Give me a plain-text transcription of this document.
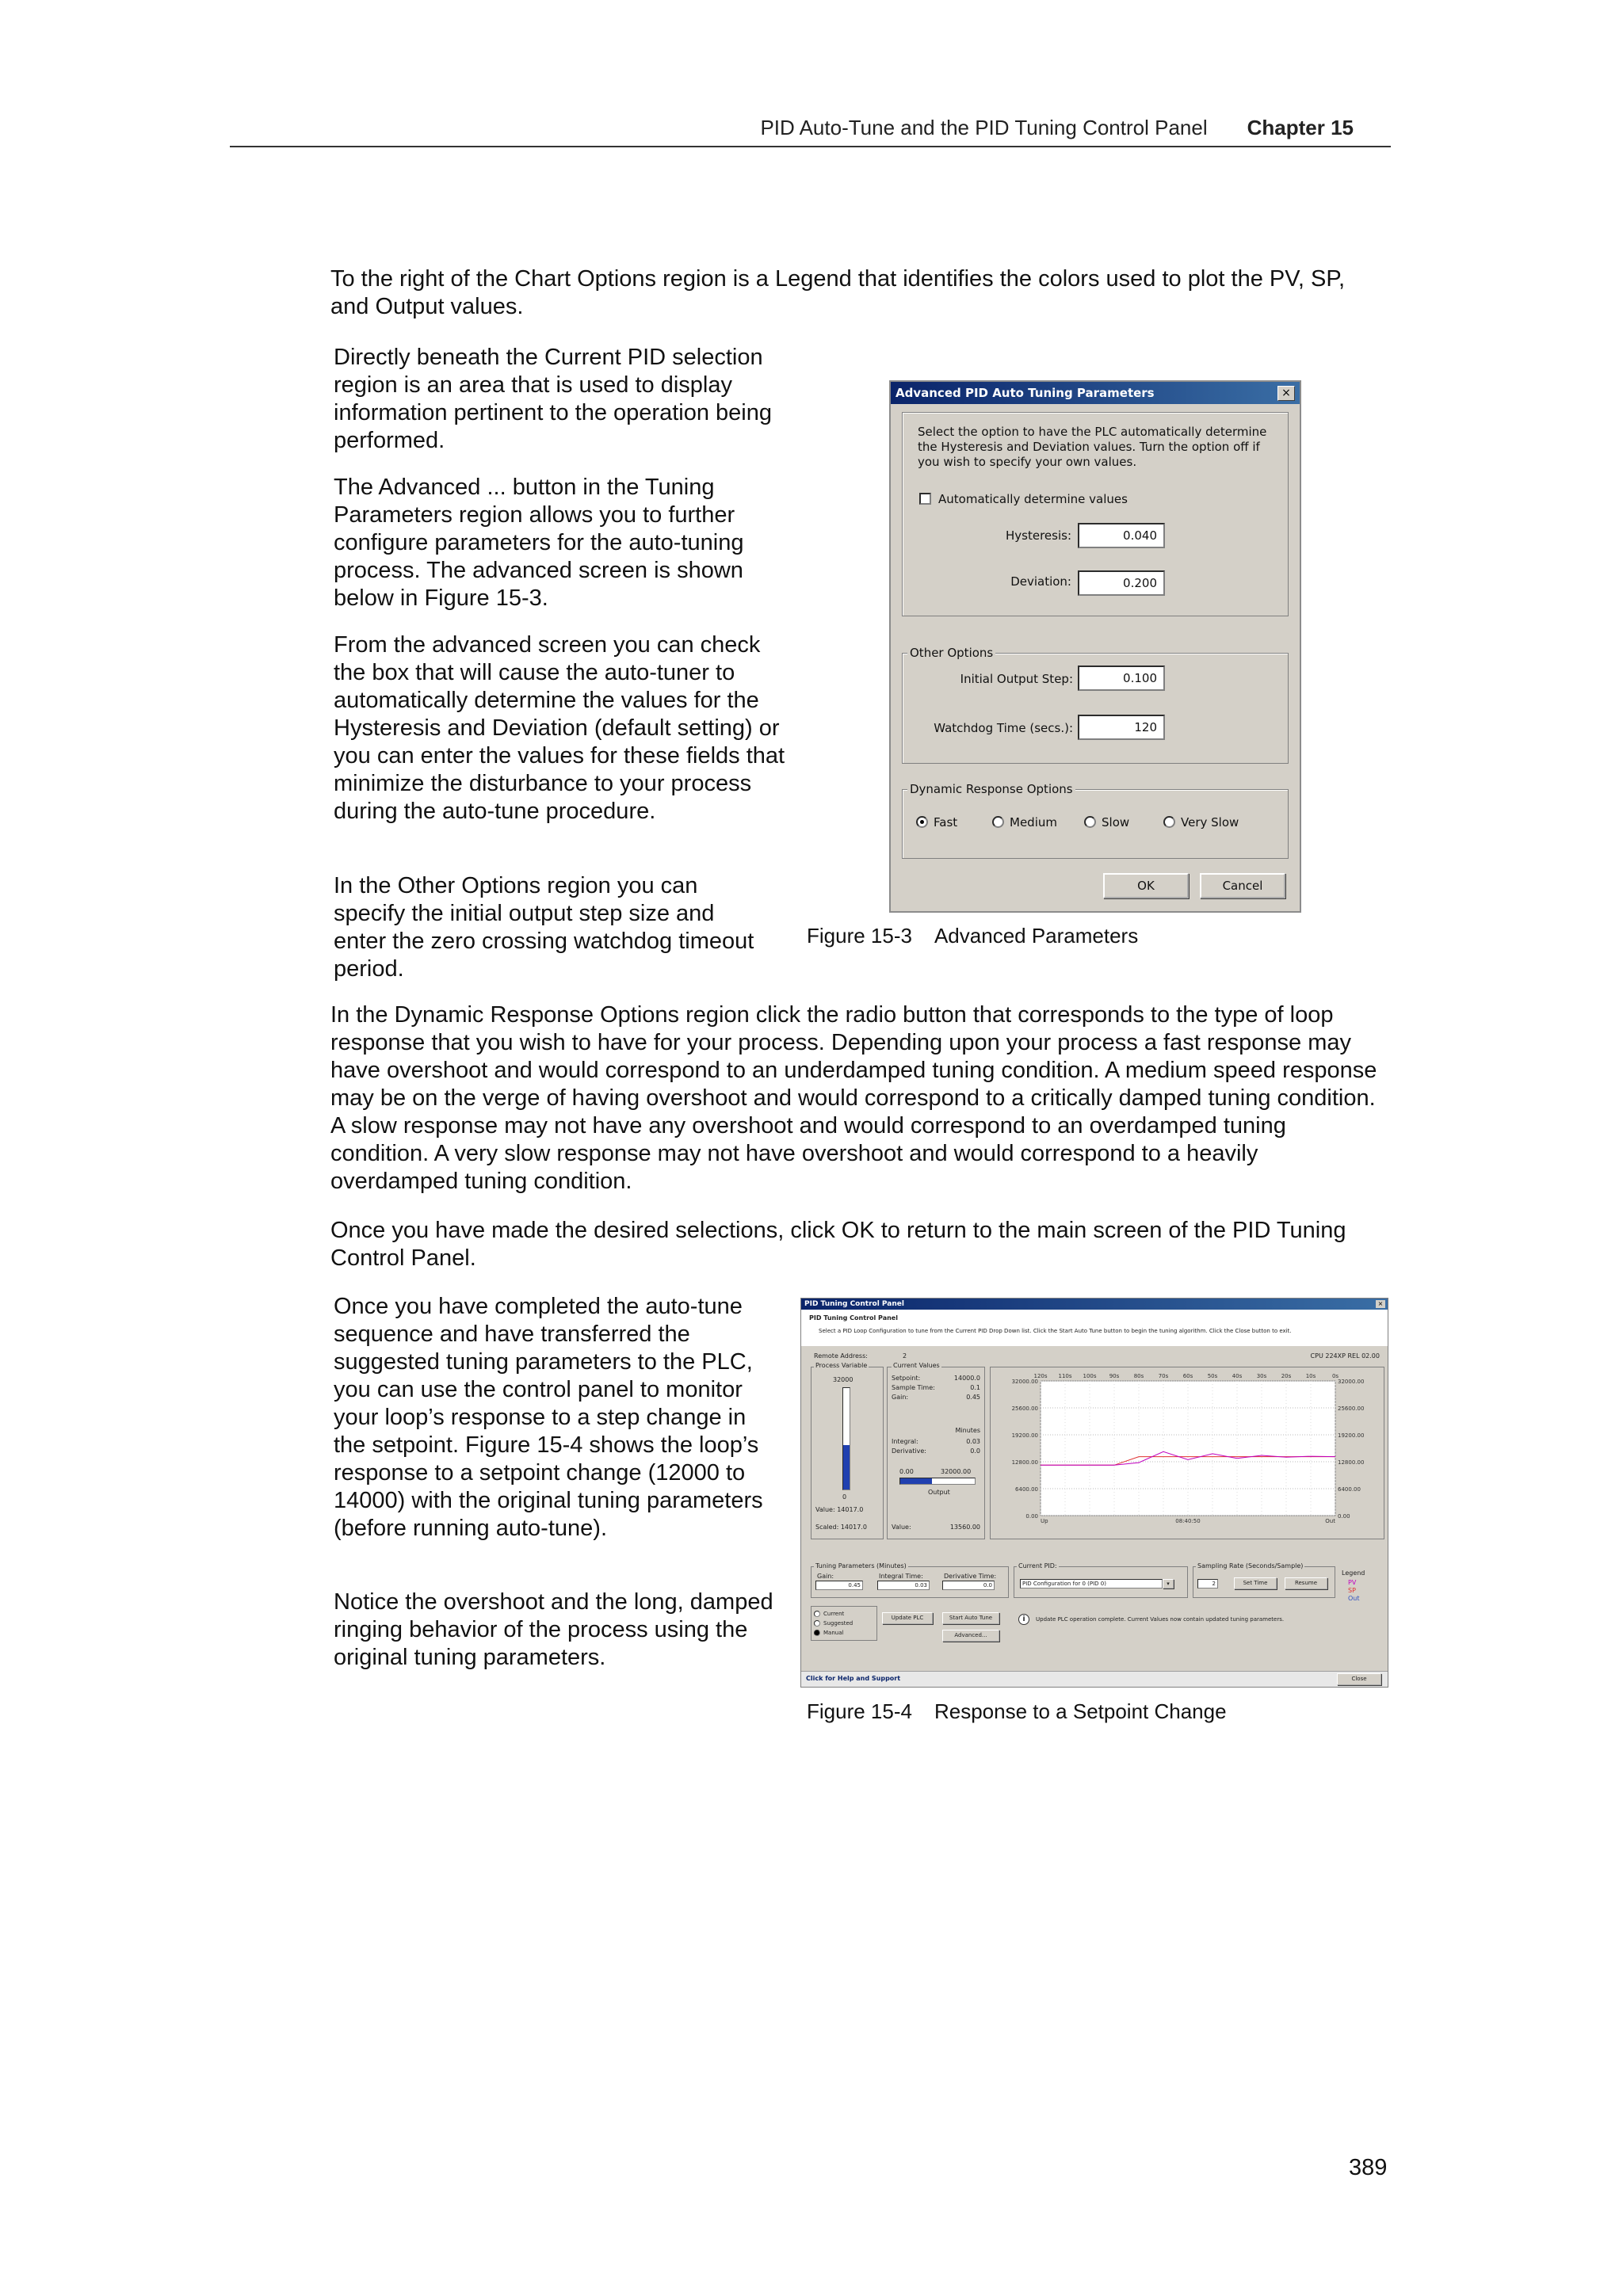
PID Auto-Tune and the PID Tuning Control Panel Chapter 15
To the right of the Chart Options region is a Legend that identifies the colors used to plot the PV, SP, and Output values.
Directly beneath the Current PID selection region is an area that is used to display information pertinent to the operation being performed.
The Advanced ... button in the Tuning Parameters region allows you to further configure parameters for the auto-tuning process. The advanced screen is shown below in Figure 15-3.
From the advanced screen you can check the box that will cause the auto-tuner to automatically determine the values for the Hysteresis and Deviation (default setting) or you can enter the values for these fields that minimize the disturbance to your process during the auto-tune procedure.
In the Other Options region you can specify the initial output step size and enter the zero crossing watchdog timeout period.
In the Dynamic Response Options region click the radio button that corresponds to the type of loop response that you wish to have for your process. Depending upon your process a fast response may have overshoot and would correspond to an underdamped tuning condition. A medium speed response may be on the verge of having overshoot and would correspond to a critically damped tuning condition. A slow response may not have any overshoot and would correspond to an overdamped tuning condition. A very slow response may not have overshoot and would correspond to a heavily overdamped tuning condition.
Once you have made the desired selections, click OK to return to the main screen of the PID Tuning Control Panel.
Once you have completed the auto-tune sequence and have transferred the suggested tuning parameters to the PLC, you can use the control panel to monitor your loop’s response to a step change in the setpoint. Figure 15-4 shows the loop’s response to a setpoint change (12000 to 14000) with the original tuning parameters (before running auto-tune).
Notice the overshoot and the long, damped ringing behavior of the process using the original tuning parameters.
Advanced PID Auto Tuning Parameters	×
Select the option to have the PLC automatically determine the Hysteresis and Deviation values. Turn the option off if you wish to specify your own values.
Automatically determine values
Hysteresis:	0.040
Deviation:	0.200
Other Options
Initial Output Step:	0.100
Watchdog Time (secs.):	120
Dynamic Response Options
Fast	Medium	Slow	Very Slow
OK	Cancel
Figure 15-3 Advanced Parameters
PID Tuning Control Panel	×
PID Tuning Control Panel
Select a PID Loop Configuration to tune from the Current PID Drop Down list. Click the Start Auto Tune button to begin the tuning algorithm. Click the Close button to exit.
Remote Address:	2	CPU 224XP REL 02.00
Process Variable
32000
0
Value: 14017.0
Scaled: 14017.0
Current Values
Setpoint:	14000.0
Sample Time:	0.1
Gain:	0.45
Minutes
Integral:	0.03
Derivative:	0.0
0.00	32000.00
Output
Value:	13560.00
32000.00	32000.00
25600.00	25600.00
19200.00	19200.00
12800.00	12800.00
6400.00	6400.00
0.00	0.00
120s 110s 100s 90s	80s	70s	60s	50s	40s	30s	20s	10s	0s
Up	08:40:50	Out
Tuning Parameters (Minutes)
Gain:
0.45
Integral Time:
0.03
Derivative Time:
0.0
Current PID:
PID Configuration for 0 (PID 0)	▾
Sampling Rate (Seconds/Sample)
2	Set Time	Resume
Legend
PV
SP
Out
Current
Suggested
Manual
Update PLC	Start Auto Tune
Advanced...
i	Update PLC operation complete. Current Values now contain updated tuning parameters.
Click for Help and Support	Close
Figure 15-4 Response to a Setpoint Change
389
